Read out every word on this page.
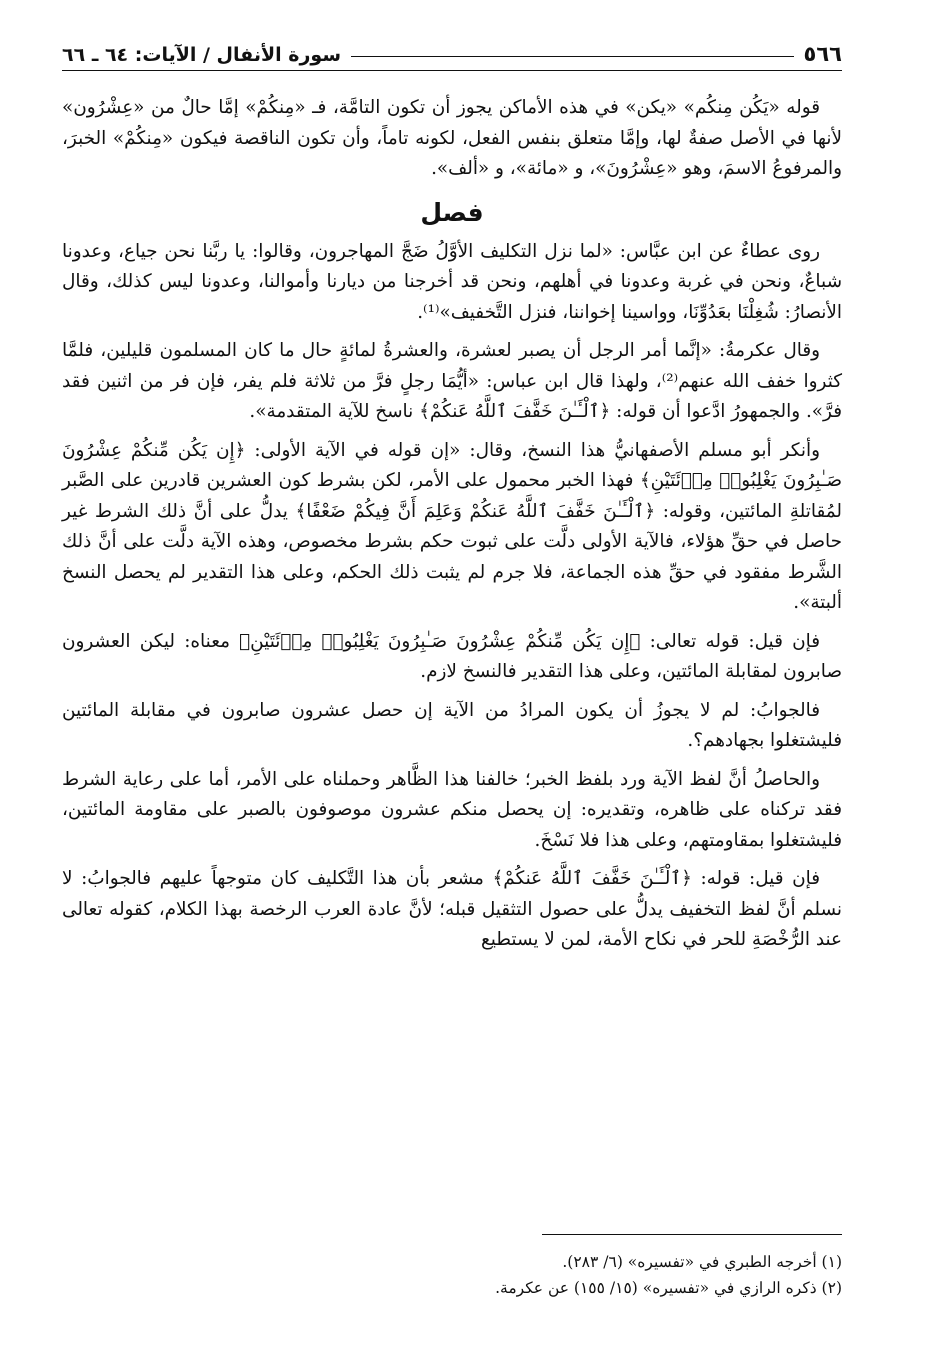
٥٦٦
سورة الأنفال / الآيات: ٦٤ ـ ٦٦

قوله «يَكُن مِنكُم» «يكن» في هذه الأماكن يجوز أن تكون التامَّة، فـ «مِنكُمْ» إمَّا حالٌ من «عِشْرُون» لأنها في الأصل صفةٌ لها، وإمَّا متعلق بنفس الفعل، لكونه تاماً، وأن تكون الناقصة فيكون «مِنكُمْ» الخبرَ، والمرفوعُ الاسمَ، وهو «عِشْرُونَ»، و «مائة»، و «ألف».

فصل

روى عطاءٌ عن ابن عبَّاس: «لما نزل التكليف الأوَّلُ ضَجَّ المهاجرون، وقالوا: يا ربَّنا نحن جياع، وعدونا شباعٌ، ونحن في غربة وعدونا في أهلهم، ونحن قد أخرجنا من ديارنا وأموالنا، وعدونا ليس كذلك، وقال الأنصارُ: شُغِلْنَا بعَدُوِّنَا، وواسينا إخواننا، فنزل التَّخفيف»⁽¹⁾.

وقال عكرمةُ: «إنَّما أمر الرجل أن يصبر لعشرة، والعشرةُ لمائةٍ حال ما كان المسلمون قليلين، فلمَّا كثروا خفف الله عنهم⁽²⁾، ولهذا قال ابن عباس: «أيُّمَا رجلٍ فرَّ من ثلاثة فلم يفر، فإن فر من اثنين فقد فرَّ». والجمهورُ ادَّعوا أن قوله: ﴿ٱلْـَٔـٰنَ خَفَّفَ ٱللَّهُ عَنكُمْ﴾ ناسخ للآية المتقدمة».

وأنكر أبو مسلم الأصفهانيُّ هذا النسخ، وقال: «إن قوله في الآية الأولى: ﴿إِن يَكُن مِّنكُمْ عِشْرُونَ صَـٰبِرُونَ يَغْلِبُوا۟ مِا۟ئَتَيْنِ﴾ فهذا الخبر محمول على الأمر، لكن بشرط كون العشرين قادرين على الصَّبر لمُقاتلةِ المائتين، وقوله: ﴿ٱلْـَٔـٰنَ خَفَّفَ ٱللَّهُ عَنكُمْ وَعَلِمَ أَنَّ فِيكُمْ ضَعْفًا﴾ يدلُّ على أنَّ ذلك الشرط غير حاصل في حقِّ هؤلاء، فالآية الأولى دلَّت على ثبوت حكم بشرط مخصوص، وهذه الآية دلَّت على أنَّ ذلك الشَّرط مفقود في حقِّ هذه الجماعة، فلا جرم لم يثبت ذلك الحكم، وعلى هذا التقدير لم يحصل النسخ ألبتة».

فإن قيل: قوله تعالى: ﴿إِن يَكُن مِّنكُمْ عِشْرُونَ صَـٰبِرُونَ يَغْلِبُوا۟ مِا۟ئَتَيْنِ﴾ معناه: ليكن العشرون صابرون لمقابلة المائتين، وعلى هذا التقدير فالنسخ لازم.

فالجوابُ: لم لا يجوزُ أن يكون المرادُ من الآية إن حصل عشرون صابرون في مقابلة المائتين فليشتغلوا بجهادهم؟.

والحاصلُ أنَّ لفظ الآية ورد بلفظ الخبر؛ خالفنا هذا الظَّاهر وحملناه على الأمر، أما على رعاية الشرط فقد تركناه على ظاهره، وتقديره: إن يحصل منكم عشرون موصوفون بالصبر على مقاومة المائتين، فليشتغلوا بمقاومتهم، وعلى هذا فلا نَسْخَ.

فإن قيل: قوله: ﴿ٱلْـَٔـٰنَ خَفَّفَ ٱللَّهُ عَنكُمْ﴾ مشعر بأن هذا التَّكليف كان متوجهاً عليهم فالجوابُ: لا نسلم أنَّ لفظ التخفيف يدلُّ على حصول التثقيل قبله؛ لأنَّ عادة العرب الرخصة بهذا الكلام، كقوله تعالى عند الرُّخْصَةِ للحر في نكاح الأمة، لمن لا يستطيع

(١) أخرجه الطبري في «تفسيره» (٦/ ٢٨٣).

(٢) ذكره الرازي في «تفسيره» (١٥/ ١٥٥) عن عكرمة.
